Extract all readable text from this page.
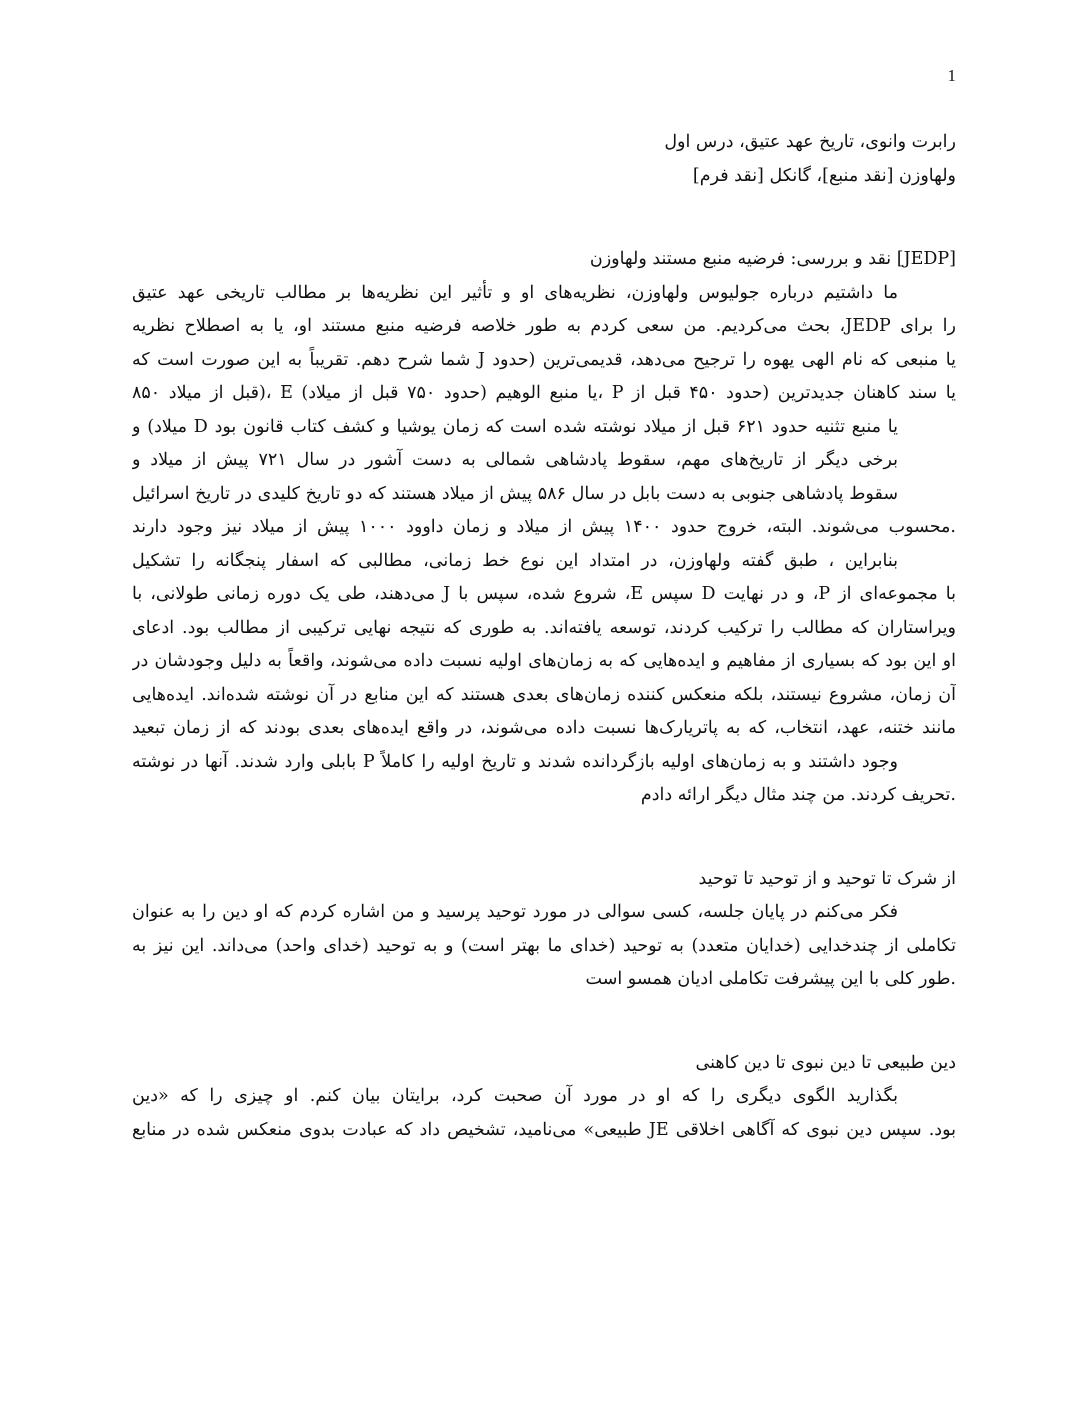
1
رابرت وانوی، تاریخ عهد عتیق، درس اول
ولهاوزن [نقد منبع]، گانکل [نقد فرم]
[JEDP] نقد و بررسی: فرضیه منبع مستند ولهاوزن
ما داشتیم درباره جولیوس ولهاوزن، نظریه‌های او و تأثیر این نظریه‌ها بر مطالب تاریخی عهد عتیق
را برای JEDP، بحث می‌کردیم. من سعی کردم به طور خلاصه فرضیه منبع مستند او، یا به اصطلاح نظریه
یا منبعی که نام الهی یهوه را ترجیح می‌دهد، قدیمی‌ترین (حدود J شما شرح دهم. تقریباً به این صورت است که
یا سند کاهنان جدیدترین (حدود ۴۵۰ قبل از P ،یا منبع الوهیم (حدود ۷۵۰ قبل از میلاد) E ،(قبل از میلاد ۸۵۰
یا منبع تثنیه حدود ۶۲۱ قبل از میلاد نوشته شده است که زمان یوشیا و کشف کتاب قانون بود D میلاد) و
برخی دیگر از تاریخ‌های مهم، سقوط پادشاهی شمالی به دست آشور در سال ۷۲۱ پیش از میلاد و
سقوط پادشاهی جنوبی به دست بابل در سال ۵۸۶ پیش از میلاد هستند که دو تاریخ کلیدی در تاریخ اسرائیل
.محسوب می‌شوند. البته، خروج حدود ۱۴۰۰ پیش از میلاد و زمان داوود ۱۰۰۰ پیش از میلاد نیز وجود دارند
بنابراین ، طبق گفته ولهاوزن، در امتداد این نوع خط زمانی، مطالبی که اسفار پنجگانه را تشکیل
با مجموعه‌ای از P، و در نهایت D سپس E، شروع شده، سپس با J می‌دهند، طی یک دوره زمانی طولانی، با
ویراستاران که مطالب را ترکیب کردند، توسعه یافته‌اند. به طوری که نتیجه نهایی ترکیبی از مطالب بود. ادعای
او این بود که بسیاری از مفاهیم و ایده‌هایی که به زمان‌های اولیه نسبت داده می‌شوند، واقعاً به دلیل وجودشان در
آن زمان، مشروع نیستند، بلکه منعکس کننده زمان‌های بعدی هستند که این منابع در آن نوشته شده‌اند. ایده‌هایی
مانند ختنه، عهد، انتخاب، که به پاتریارک‌ها نسبت داده می‌شوند، در واقع ایده‌های بعدی بودند که از زمان تبعید
وجود داشتند و به زمان‌های اولیه بازگردانده شدند و تاریخ اولیه را کاملاً P بابلی وارد شدند. آنها در نوشته
.تحریف کردند. من چند مثال دیگر ارائه دادم
از شرک تا توحید و از توحید تا توحید
فکر می‌کنم در پایان جلسه، کسی سوالی در مورد توحید پرسید و من اشاره کردم که او دین را به عنوان
تکاملی از چندخدایی (خدایان متعدد) به توحید (خدای ما بهتر است) و به توحید (خدای واحد) می‌داند. این نیز به
.طور کلی با این پیشرفت تکاملی ادیان همسو است
دین طبیعی تا دین نبوی تا دین کاهنی
بگذارید الگوی دیگری را که او در مورد آن صحبت کرد، برایتان بیان کنم. او چیزی را که «دین
بود. سپس دین نبوی که آگاهی اخلاقی JE طبیعی» می‌نامید، تشخیص داد که عبادت بدوی منعکس شده در منابع
